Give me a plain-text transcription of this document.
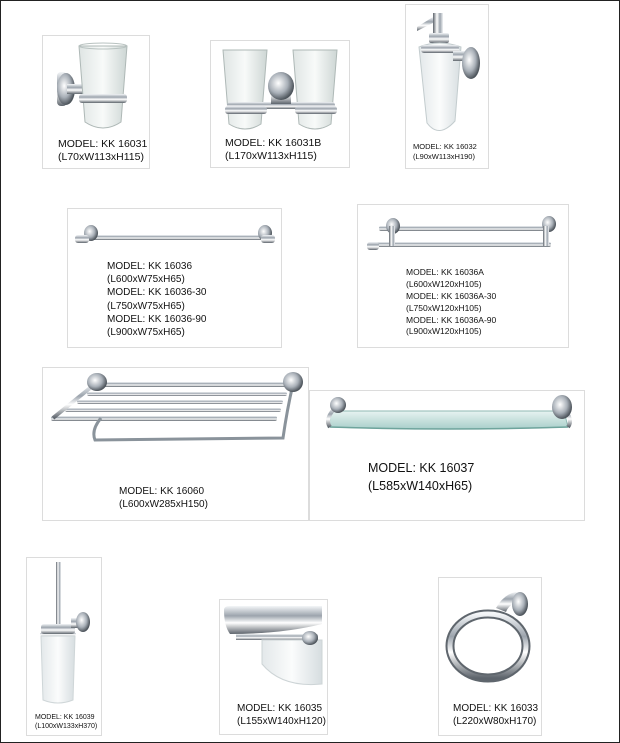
MODEL: KK 16031
(L70xW113xH115)
MODEL: KK 16031B
(L170xW113xH115)
MODEL: KK 16032
(L90xW113xH190)
MODEL: KK 16036
(L600xW75xH65)
MODEL: KK 16036-30
(L750xW75xH65)
MODEL: KK 16036-90
(L900xW75xH65)
MODEL: KK 16036A
(L600xW120xH105)
MODEL: KK 16036A-30
(L750xW120xH105)
MODEL: KK 16036A-90
(L900xW120xH105)
MODEL: KK 16060
(L600xW285xH150)
MODEL: KK 16037
(L585xW140xH65)
MODEL: KK 16039
(L100xW133xH370)
MODEL: KK 16035
(L155xW140xH120)
MODEL: KK 16033
(L220xW80xH170)
